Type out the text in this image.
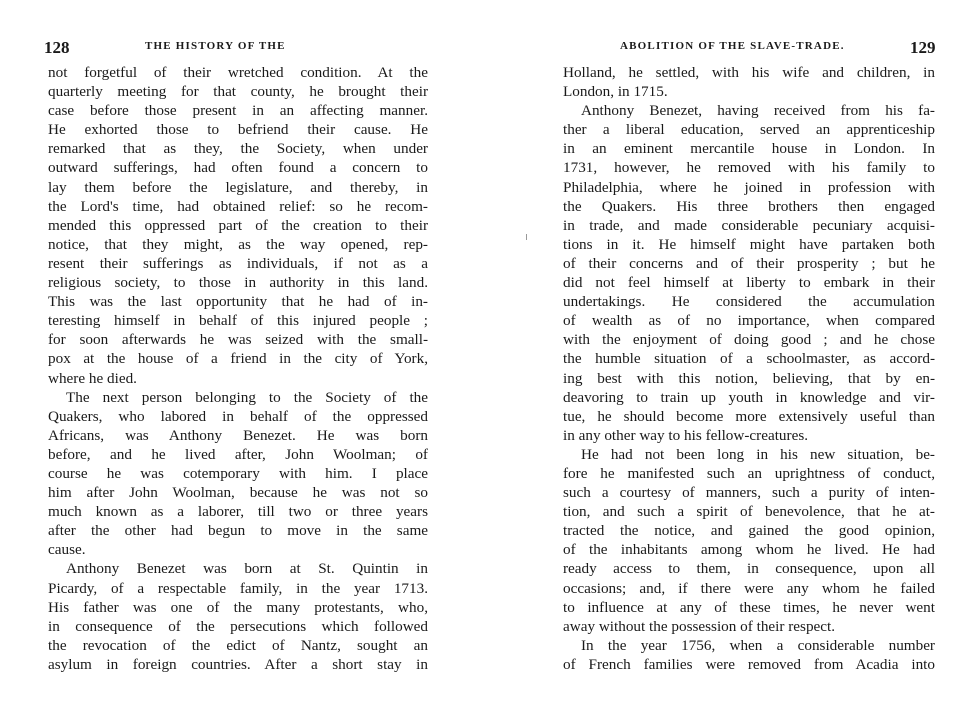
128	THE HISTORY OF THE
not forgetful of their wretched condition. At the
quarterly meeting for that county, he brought their
case before those present in an affecting manner.
He exhorted those to befriend their cause. He
remarked that as they, the Society, when under
outward sufferings, had often found a concern to
lay them before the legislature, and thereby, in
the Lord's time, had obtained relief: so he recom-
mended this oppressed part of the creation to their
notice, that they might, as the way opened, rep-
resent their sufferings as individuals, if not as a
religious society, to those in authority in this land.
This was the last opportunity that he had of in-
teresting himself in behalf of this injured people ;
for soon afterwards he was seized with the small-
pox at the house of a friend in the city of York,
where he died.
The next person belonging to the Society of the
Quakers, who labored in behalf of the oppressed
Africans, was Anthony Benezet. He was born
before, and he lived after, John Woolman; of
course he was cotemporary with him. I place
him after John Woolman, because he was not so
much known as a laborer, till two or three years
after the other had begun to move in the same
cause.
Anthony Benezet was born at St. Quintin in
Picardy, of a respectable family, in the year 1713.
His father was one of the many protestants, who,
in consequence of the persecutions which followed
the revocation of the edict of Nantz, sought an
asylum in foreign countries. After a short stay in
ABOLITION OF THE SLAVE-TRADE.	129
Holland, he settled, with his wife and children, in
London, in 1715.
Anthony Benezet, having received from his fa-
ther a liberal education, served an apprenticeship
in an eminent mercantile house in London. In
1731, however, he removed with his family to
Philadelphia, where he joined in profession with
the Quakers. His three brothers then engaged
in trade, and made considerable pecuniary acquisi-
tions in it. He himself might have partaken both
of their concerns and of their prosperity ; but he
did not feel himself at liberty to embark in their
undertakings. He considered the accumulation
of wealth as of no importance, when compared
with the enjoyment of doing good ; and he chose
the humble situation of a schoolmaster, as accord-
ing best with this notion, believing, that by en-
deavoring to train up youth in knowledge and vir-
tue, he should become more extensively useful than
in any other way to his fellow-creatures.
He had not been long in his new situation, be-
fore he manifested such an uprightness of conduct,
such a courtesy of manners, such a purity of inten-
tion, and such a spirit of benevolence, that he at-
tracted the notice, and gained the good opinion,
of the inhabitants among whom he lived. He had
ready access to them, in consequence, upon all
occasions; and, if there were any whom he failed
to influence at any of these times, he never went
away without the possession of their respect.
In the year 1756, when a considerable number
of French families were removed from Acadia into
